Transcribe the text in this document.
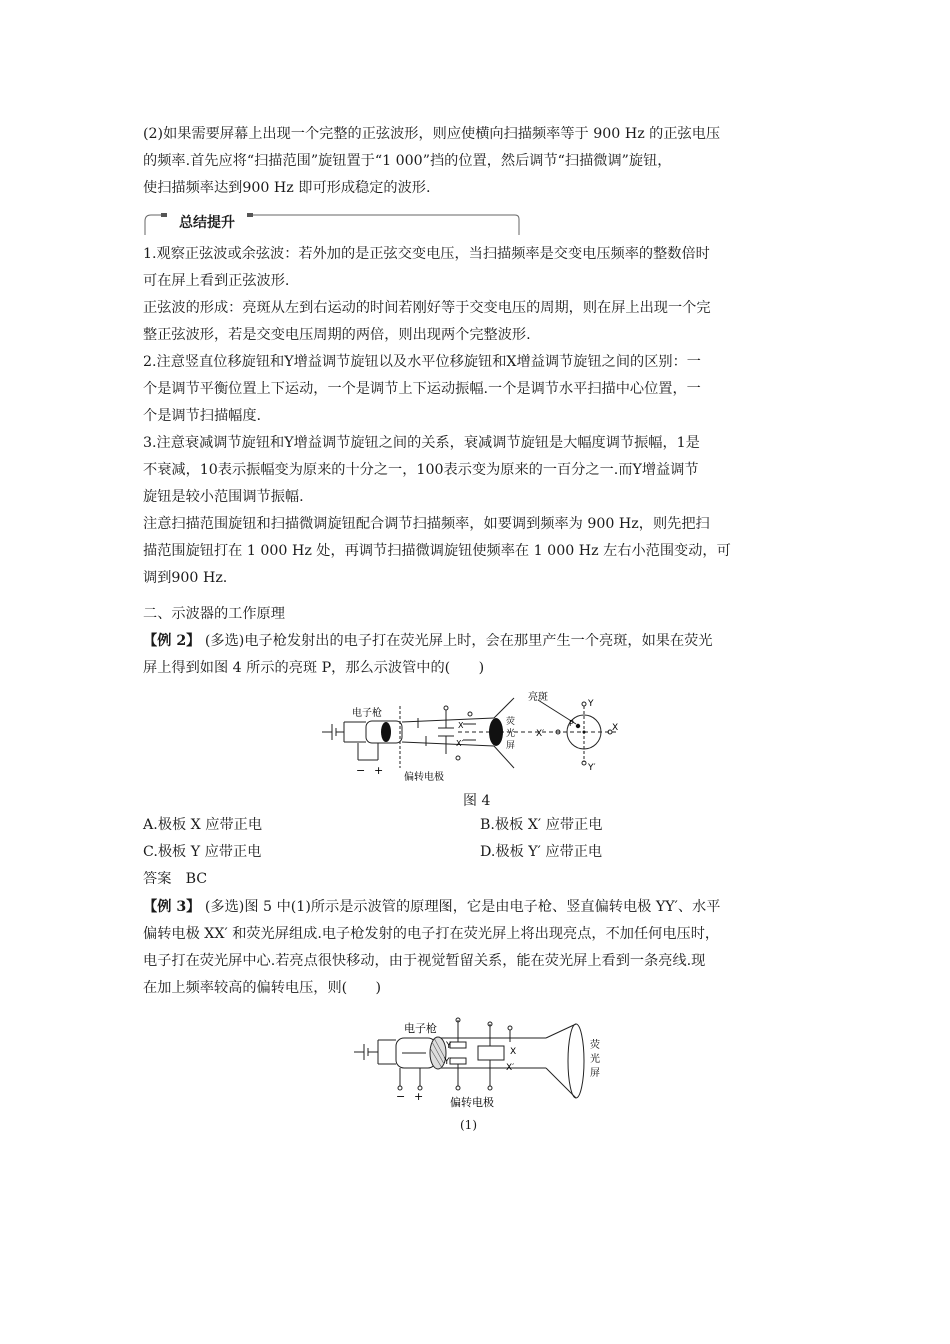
(2)如果需要屏幕上出现一个完整的正弦波形，则应使横向扫描频率等于 900 Hz 的正弦电压
的频率.首先应将“扫描范围”旋钮置于“1 000”挡的位置，然后调节“扫描微调”旋钮，
使扫描频率达到900 Hz 即可形成稳定的波形.

总结提升

1.观察正弦波或余弦波：若外加的是正弦交变电压，当扫描频率是交变电压频率的整数倍时
可在屏上看到正弦波形.
正弦波的形成：亮斑从左到右运动的时间若刚好等于交变电压的周期，则在屏上出现一个完
整正弦波形，若是交变电压周期的两倍，则出现两个完整波形.
2.注意竖直位移旋钮和Y增益调节旋钮以及水平位移旋钮和X增益调节旋钮之间的区别：一
个是调节平衡位置上下运动，一个是调节上下运动振幅.一个是调节水平扫描中心位置，一
个是调节扫描幅度.
3.注意衰减调节旋钮和Y增益调节旋钮之间的关系，衰减调节旋钮是大幅度调节振幅，1是
不衰减，10表示振幅变为原来的十分之一，100表示变为原来的一百分之一.而Y增益调节
旋钮是较小范围调节振幅.
注意扫描范围旋钮和扫描微调旋钮配合调节扫描频率，如要调到频率为 900 Hz，则先把扫
描范围旋钮打在 1 000 Hz 处，再调节扫描微调旋钮使频率在 1 000 Hz 左右小范围变动，可
调到900 Hz.

二、示波器的工作原理

【例 2】 (多选)电子枪发射出的电子打在荧光屏上时，会在那里产生一个亮斑，如果在荧光
屏上得到如图 4 所示的亮斑 P，那么示波管中的(　　)

电子枪
亮斑
荧
光
屏
偏转电极
− +
Y
Y′
X
X′
P
X
X′
图 4
A.极板 X 应带正电	B.极板 X′ 应带正电
C.极板 Y 应带正电	D.极板 Y′ 应带正电
答案　BC

【例 3】 (多选)图 5 中(1)所示是示波管的原理图，它是由电子枪、竖直偏转电极 YY′、水平
偏转电极 XX′ 和荧光屏组成.电子枪发射的电子打在荧光屏上将出现亮点，不加任何电压时，
电子打在荧光屏中心.若亮点很快移动，由于视觉暂留关系，能在荧光屏上看到一条亮线.现
在加上频率较高的偏转电压，则(　　)

电子枪
荧
光
屏
偏转电极
− +
Y
Y′
X
X′
(1)
